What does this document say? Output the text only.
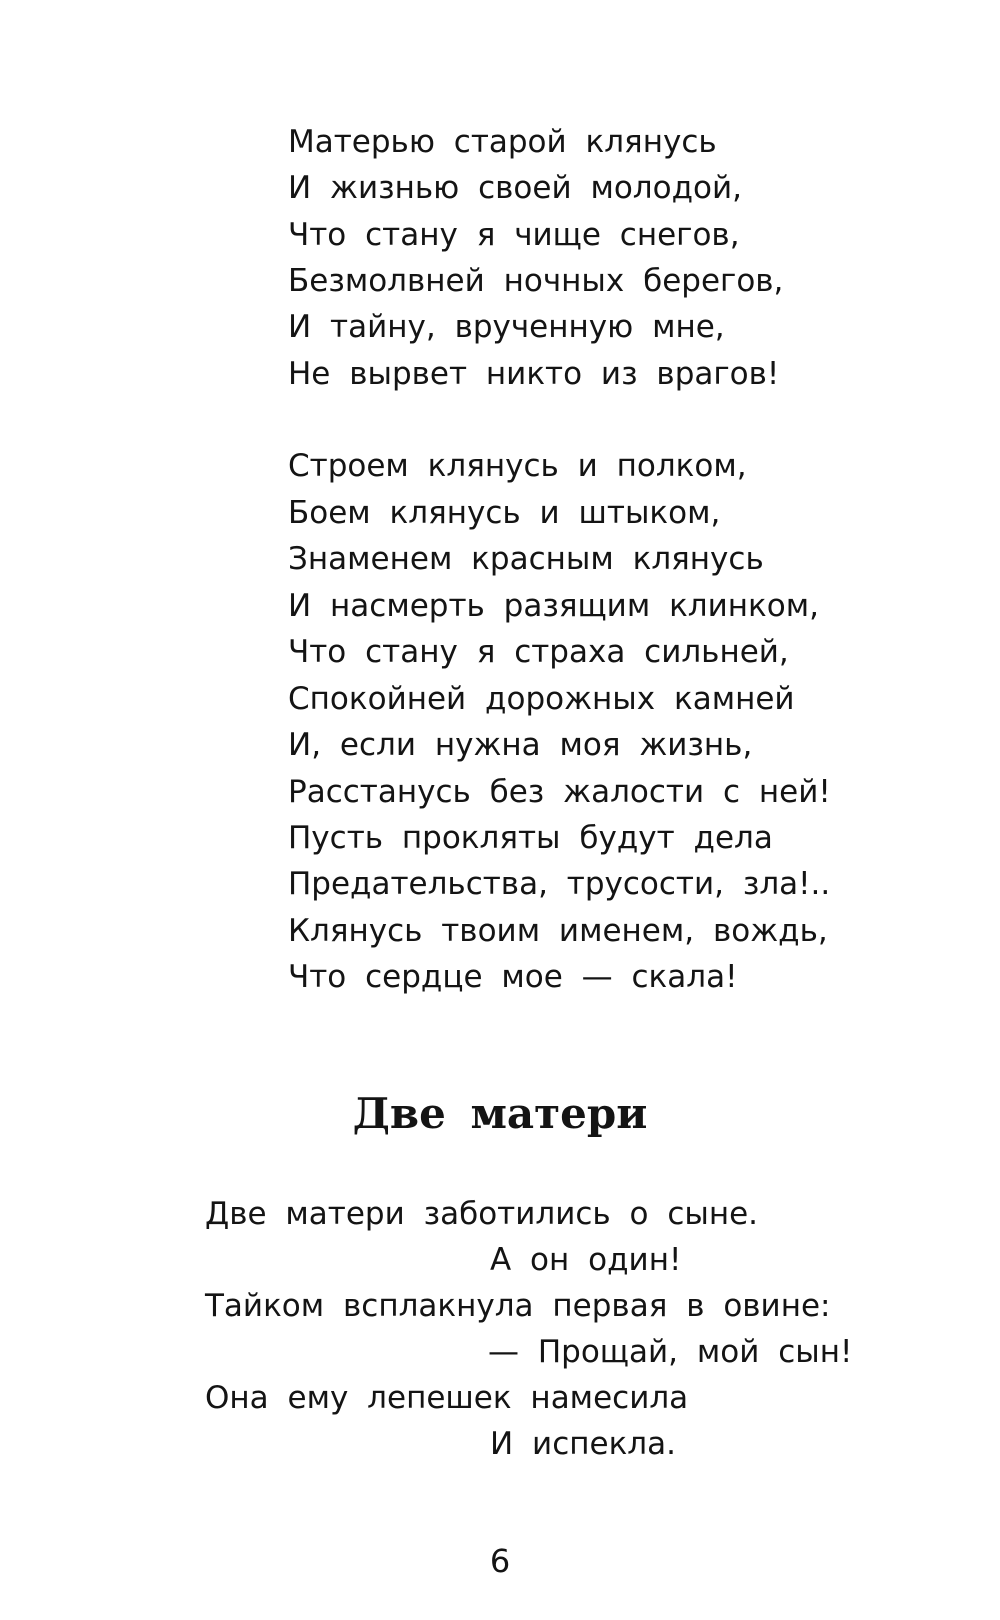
Матерью старой клянусь
И жизнью своей молодой,
Что стану я чище снегов,
Безмолвней ночных берегов,
И тайну, врученную мне,
Не вырвет никто из врагов!
Строем клянусь и полком,
Боем клянусь и штыком,
Знаменем красным клянусь
И насмерть разящим клинком,
Что стану я страха сильней,
Спокойней дорожных камней
И, если нужна моя жизнь,
Расстанусь без жалости с ней!
Пусть прокляты будут дела
Предательства, трусости, зла!..
Клянусь твоим именем, вождь,
Что сердце мое — скала!
Две матери
Две матери заботились о сыне.
А он один!
Тайком всплакнула первая в овине:
— Прощай, мой сын!
Она ему лепешек намесила
И испекла.
6
